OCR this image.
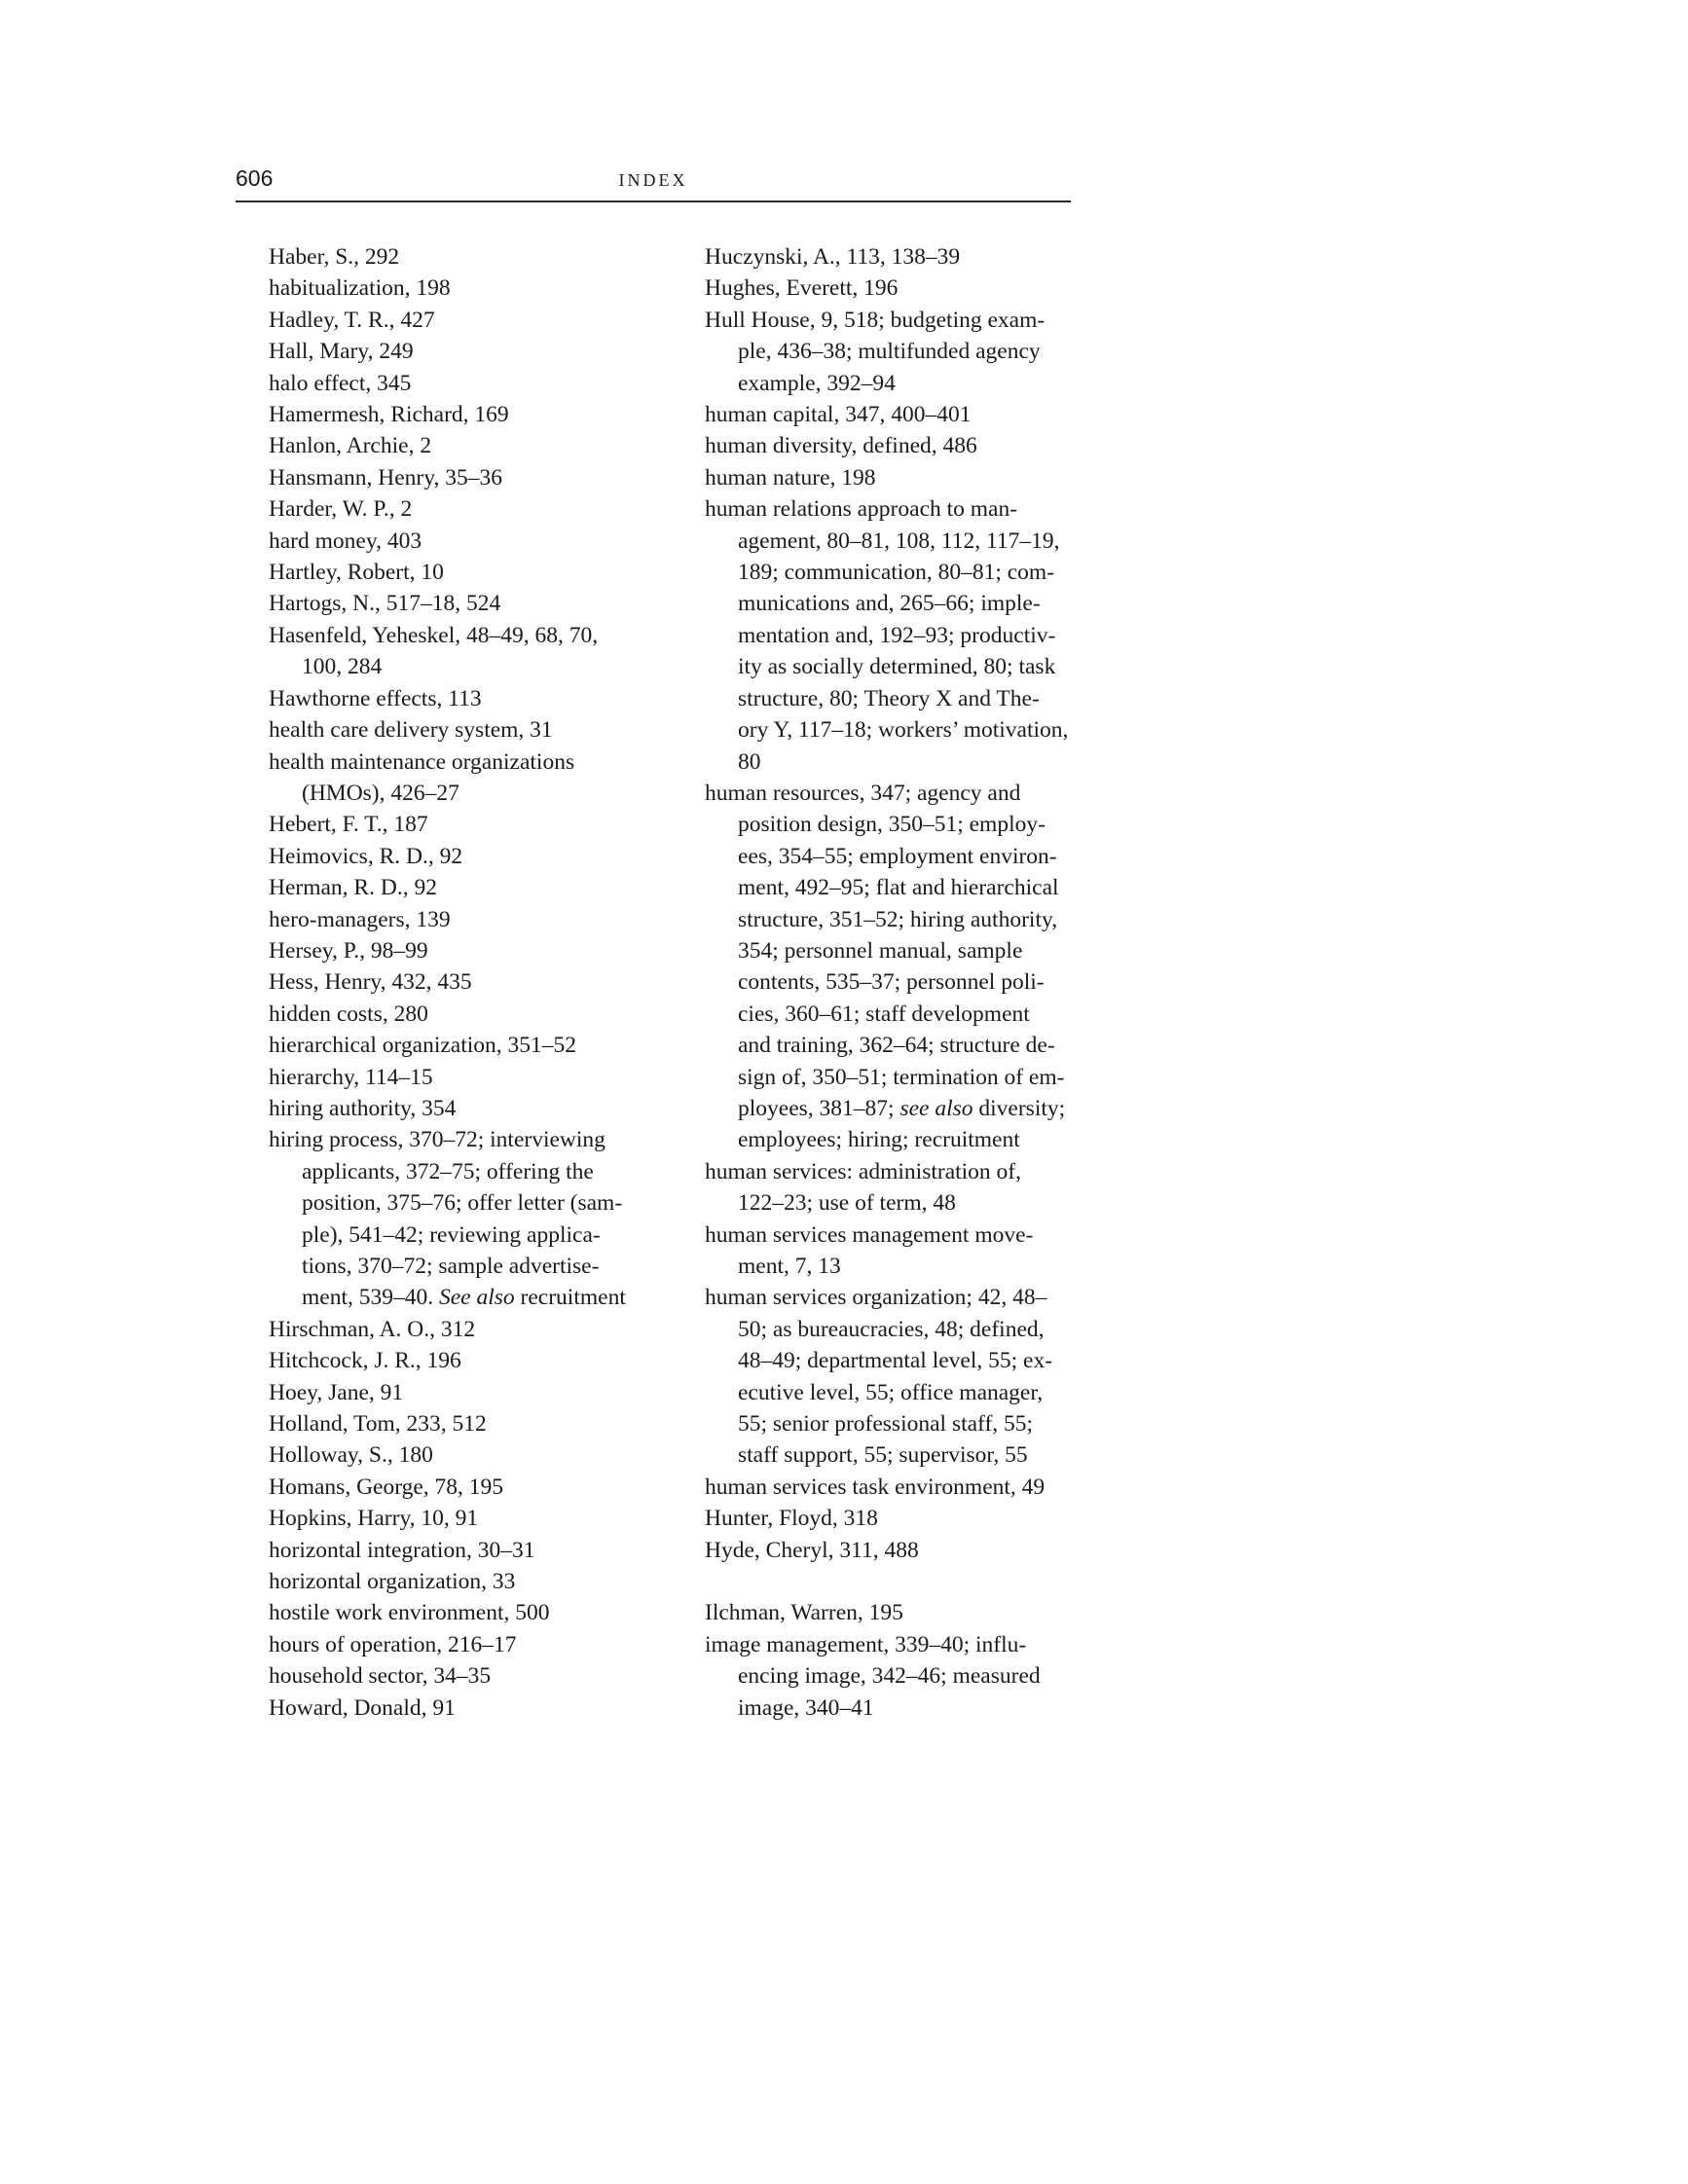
606	INDEX
Haber, S., 292
habitualization, 198
Hadley, T. R., 427
Hall, Mary, 249
halo effect, 345
Hamermesh, Richard, 169
Hanlon, Archie, 2
Hansmann, Henry, 35–36
Harder, W. P., 2
hard money, 403
Hartley, Robert, 10
Hartogs, N., 517–18, 524
Hasenfeld, Yeheskel, 48–49, 68, 70,
100, 284
Hawthorne effects, 113
health care delivery system, 31
health maintenance organizations
(HMOs), 426–27
Hebert, F. T., 187
Heimovics, R. D., 92
Herman, R. D., 92
hero-managers, 139
Hersey, P., 98–99
Hess, Henry, 432, 435
hidden costs, 280
hierarchical organization, 351–52
hierarchy, 114–15
hiring authority, 354
hiring process, 370–72; interviewing
applicants, 372–75; offering the
position, 375–76; offer letter (sam-
ple), 541–42; reviewing applica-
tions, 370–72; sample advertise-
ment, 539–40. See also recruitment
Hirschman, A. O., 312
Hitchcock, J. R., 196
Hoey, Jane, 91
Holland, Tom, 233, 512
Holloway, S., 180
Homans, George, 78, 195
Hopkins, Harry, 10, 91
horizontal integration, 30–31
horizontal organization, 33
hostile work environment, 500
hours of operation, 216–17
household sector, 34–35
Howard, Donald, 91
Huczynski, A., 113, 138–39
Hughes, Everett, 196
Hull House, 9, 518; budgeting exam-
ple, 436–38; multifunded agency
example, 392–94
human capital, 347, 400–401
human diversity, defined, 486
human nature, 198
human relations approach to man-
agement, 80–81, 108, 112, 117–19,
189; communication, 80–81; com-
munications and, 265–66; imple-
mentation and, 192–93; productiv-
ity as socially determined, 80; task
structure, 80; Theory X and The-
ory Y, 117–18; workers’ motivation,
80
human resources, 347; agency and
position design, 350–51; employ-
ees, 354–55; employment environ-
ment, 492–95; flat and hierarchical
structure, 351–52; hiring authority,
354; personnel manual, sample
contents, 535–37; personnel poli-
cies, 360–61; staff development
and training, 362–64; structure de-
sign of, 350–51; termination of em-
ployees, 381–87; see also diversity;
employees; hiring; recruitment
human services: administration of,
122–23; use of term, 48
human services management move-
ment, 7, 13
human services organization; 42, 48–
50; as bureaucracies, 48; defined,
48–49; departmental level, 55; ex-
ecutive level, 55; office manager,
55; senior professional staff, 55;
staff support, 55; supervisor, 55
human services task environment, 49
Hunter, Floyd, 318
Hyde, Cheryl, 311, 488
Ilchman, Warren, 195
image management, 339–40; influ-
encing image, 342–46; measured
image, 340–41
